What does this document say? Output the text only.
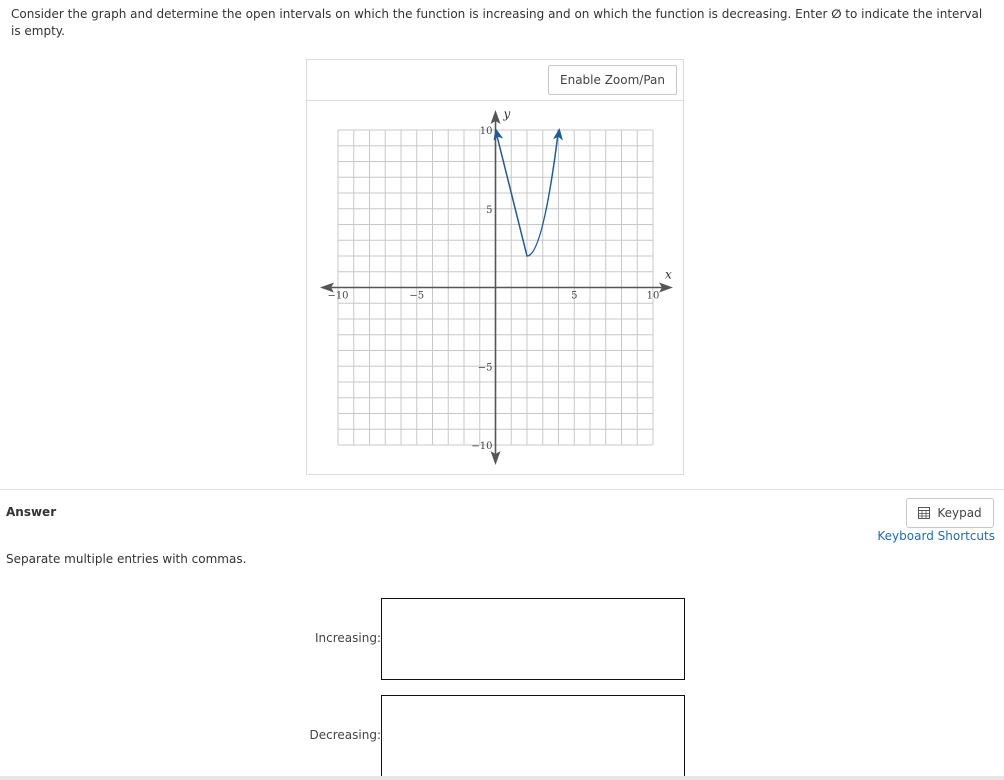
Consider the graph and determine the open intervals on which the function is increasing and on which the function is decreasing. Enter ∅ to indicate the interval is empty.
Enable Zoom/Pan
x
y
−10	−5	5	10
10
5
−5
−10
Answer	Keypad
Keyboard Shortcuts
Separate multiple entries with commas.
Increasing:
Decreasing:
